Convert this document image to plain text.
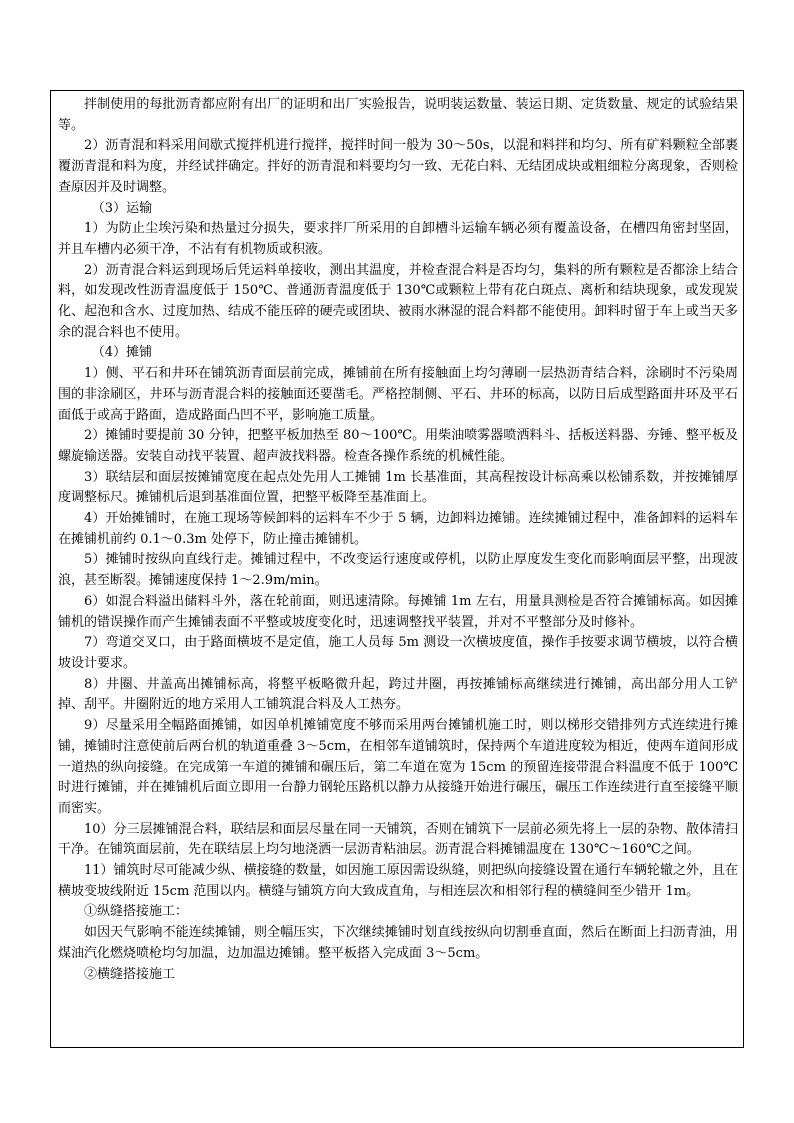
拌制使用的每批沥青都应附有出厂的证明和出厂实验报告，说明装运数量、装运日期、定货数量、规定的试验结果等。

2）沥青混和料采用间歇式搅拌机进行搅拌，搅拌时间一般为 30～50s，以混和料拌和均匀、所有矿料颗粒全部裹覆沥青混和料为度，并经试拌确定。拌好的沥青混和料要均匀一致、无花白料、无结团成块或粗细粒分离现象，否则检查原因并及时调整。

（3）运输

1）为防止尘埃污染和热量过分损失，要求拌厂所采用的自卸槽斗运输车辆必须有覆盖设备，在槽四角密封坚固，并且车槽内必须干净，不沾有有机物质或积液。

2）沥青混合料运到现场后凭运料单接收，测出其温度，并检查混合料是否均匀，集料的所有颗粒是否都涂上结合料，如发现改性沥青温度低于 150℃、普通沥青温度低于 130℃或颗粒上带有花白斑点、离析和结块现象，或发现炭化、起泡和含水、过度加热、结成不能压碎的硬壳或团块、被雨水淋湿的混合料都不能使用。卸料时留于车上或当天多余的混合料也不使用。

（4）摊铺

1）侧、平石和井环在铺筑沥青面层前完成，摊铺前在所有接触面上均匀薄刷一层热沥青结合料，涂刷时不污染周围的非涂刷区，井环与沥青混合料的接触面还要凿毛。严格控制侧、平石、井环的标高，以防日后成型路面井环及平石面低于或高于路面，造成路面凸凹不平，影响施工质量。

2）摊铺时要提前 30 分钟，把整平板加热至 80～100℃。用柴油喷雾器喷洒料斗、括板送料器、夯锤、整平板及螺旋输送器。安装自动找平装置、超声波找料器。检查各操作系统的机械性能。

3）联结层和面层按摊铺宽度在起点处先用人工摊铺 1m 长基准面，其高程按设计标高乘以松铺系数，并按摊铺厚度调整标尺。摊铺机后退到基准面位置，把整平板降至基准面上。

4）开始摊铺时，在施工现场等候卸料的运料车不少于 5 辆，边卸料边摊铺。连续摊铺过程中，准备卸料的运料车在摊铺机前约 0.1～0.3m 处停下，防止撞击摊铺机。

5）摊铺时按纵向直线行走。摊铺过程中，不改变运行速度或停机，以防止厚度发生变化而影响面层平整，出现波浪，甚至断裂。摊铺速度保持 1～2.9m/min。

6）如混合料溢出储料斗外，落在轮前面，则迅速清除。每摊铺 1m 左右，用量具测检是否符合摊铺标高。如因摊铺机的错误操作而产生摊铺表面不平整或坡度变化时，迅速调整找平装置，并对不平整部分及时修补。

7）弯道交叉口，由于路面横坡不是定值，施工人员每 5m 测设一次横坡度值，操作手按要求调节横坡，以符合横坡设计要求。

8）井圈、井盖高出摊铺标高，将整平板略微升起，跨过井圈，再按摊铺标高继续进行摊铺，高出部分用人工铲掉、刮平。井圈附近的地方采用人工铺筑混合料及人工热夯。

9）尽量采用全幅路面摊铺，如因单机摊铺宽度不够而采用两台摊铺机施工时，则以梯形交错排列方式连续进行摊铺，摊铺时注意使前后两台机的轨道重叠 3～5cm，在相邻车道铺筑时，保持两个车道进度较为相近，使两车道间形成一道热的纵向接缝。在完成第一车道的摊铺和碾压后，第二车道在宽为 15cm 的预留连接带混合料温度不低于 100℃时进行摊铺，并在摊铺机后面立即用一台静力钢轮压路机以静力从接缝开始进行碾压，碾压工作连续进行直至接缝平顺而密实。

10）分三层摊铺混合料，联结层和面层尽量在同一天铺筑，否则在铺筑下一层前必须先将上一层的杂物、散体清扫干净。在铺筑面层前，先在联结层上均匀地浇洒一层沥青粘油层。沥青混合料摊铺温度在 130℃～160℃之间。

11）铺筑时尽可能减少纵、横接缝的数量，如因施工原因需设纵缝，则把纵向接缝设置在通行车辆轮辙之外，且在横坡变坡线附近 15cm 范围以内。横缝与铺筑方向大致成直角，与相连层次和相邻行程的横缝间至少错开 1m。

①纵缝搭接施工：

如因天气影响不能连续摊铺，则全幅压实，下次继续摊铺时划直线按纵向切割垂直面，然后在断面上扫沥青油，用煤油汽化燃烧喷枪均匀加温，边加温边摊铺。整平板搭入完成面 3～5cm。

②横缝搭接施工
